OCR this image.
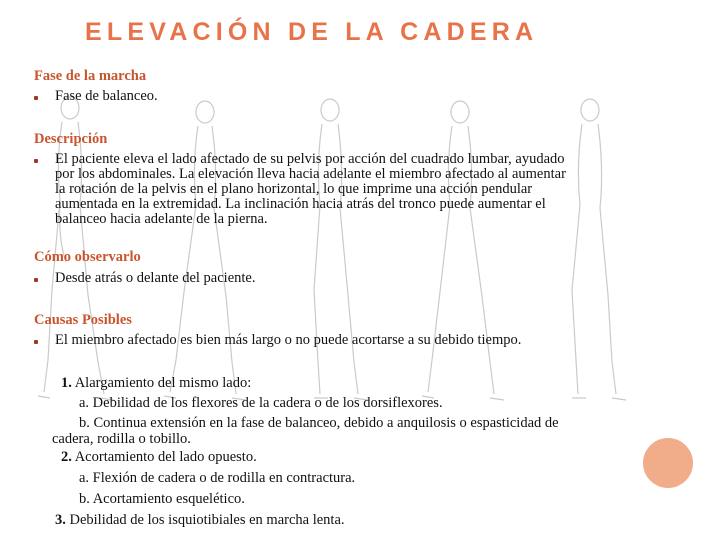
ELEVACIÓN DE LA CADERA
Fase de la marcha
Fase de balanceo.
Descripción
El paciente eleva el lado afectado de su pelvis por acción del cuadrado lumbar, ayudado
por los abdominales. La elevación lleva hacia adelante el miembro afectado al aumentar
la rotación de la pelvis en el plano horizontal, lo que imprime una acción pendular
aumentada en la extremidad. La inclinación hacia atrás del tronco puede aumentar el
balanceo hacia adelante de la pierna.
Cómo observarlo
Desde atrás o delante del paciente.
Causas Posibles
El miembro afectado es bien más largo o no puede acortarse a su debido tiempo.
1. Alargamiento del mismo lado:
a. Debilidad de los flexores de la cadera o de los dorsiflexores.
b. Continua extensión en la fase de balanceo, debido a anquilosis o espasticidad de
cadera, rodilla o tobillo.
2. Acortamiento del lado opuesto.
a. Flexión de cadera o de rodilla en contractura.
b. Acortamiento esquelético.
3. Debilidad de los isquiotibiales en marcha lenta.
